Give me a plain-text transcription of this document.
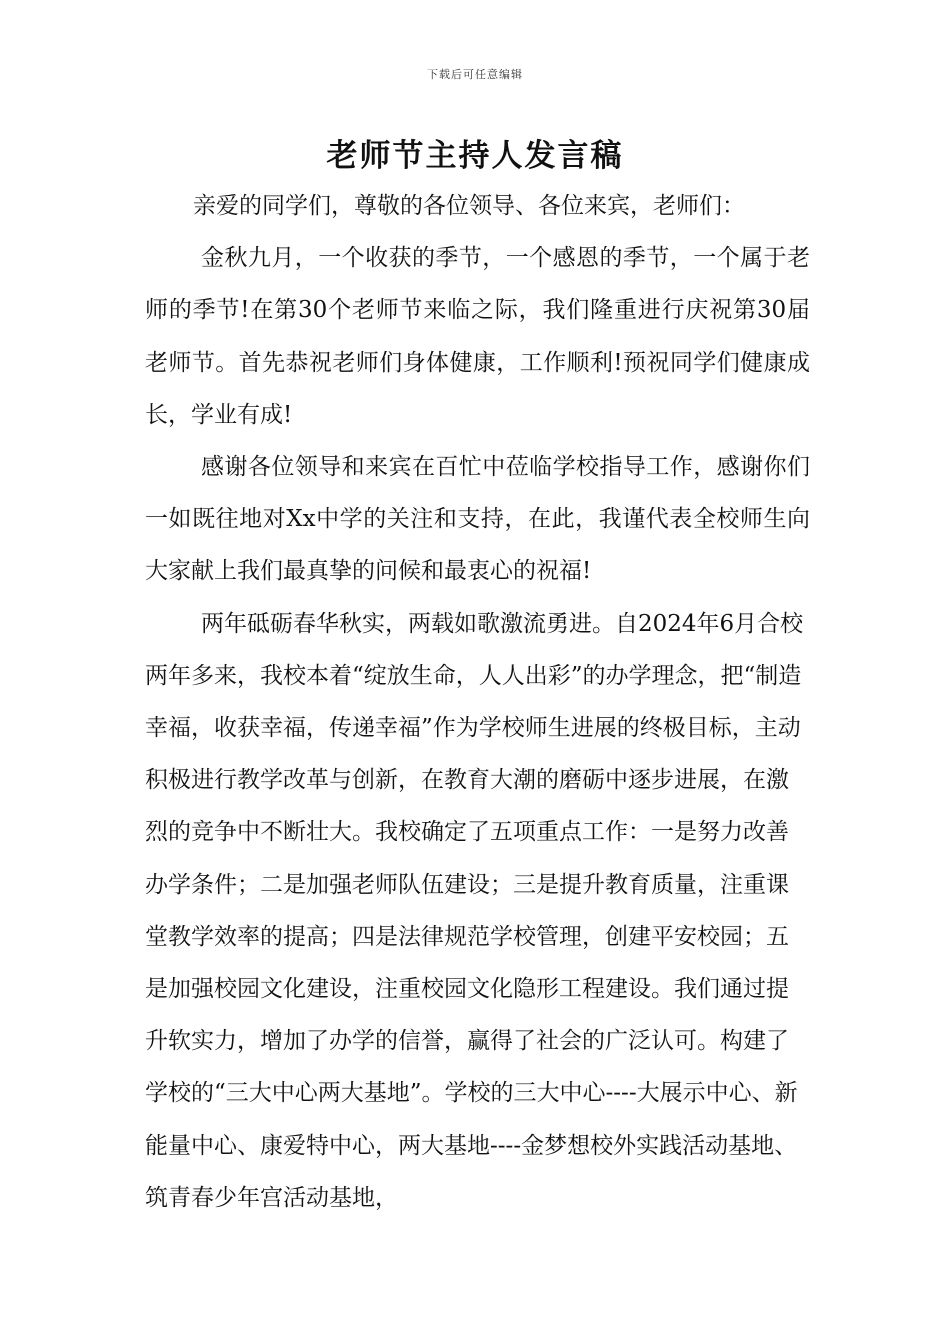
下载后可任意编辑
老师节主持人发言稿

亲爱的同学们，尊敬的各位领导、各位来宾，老师们：

金秋九月，一个收获的季节，一个感恩的季节，一个属于老师的季节!在第30个老师节来临之际，我们隆重进行庆祝第30届老师节。首先恭祝老师们身体健康，工作顺利!预祝同学们健康成长，学业有成!

感谢各位领导和来宾在百忙中莅临学校指导工作，感谢你们一如既往地对Xx中学的关注和支持，在此，我谨代表全校师生向大家献上我们最真挚的问候和最衷心的祝福!

两年砥砺春华秋实，两载如歌激流勇进。自2024年6月合校两年多来，我校本着“绽放生命，人人出彩”的办学理念，把“制造幸福，收获幸福，传递幸福”作为学校师生进展的终极目标，主动积极进行教学改革与创新，在教育大潮的磨砺中逐步进展，在激烈的竞争中不断壮大。我校确定了五项重点工作：一是努力改善办学条件；二是加强老师队伍建设；三是提升教育质量，注重课堂教学效率的提高；四是法律规范学校管理，创建平安校园；五是加强校园文化建设，注重校园文化隐形工程建设。我们通过提升软实力，增加了办学的信誉，赢得了社会的广泛认可。构建了学校的“三大中心两大基地”。学校的三大中心----大展示中心、新能量中心、康爱特中心，两大基地----金梦想校外实践活动基地、筑青春少年宫活动基地，
